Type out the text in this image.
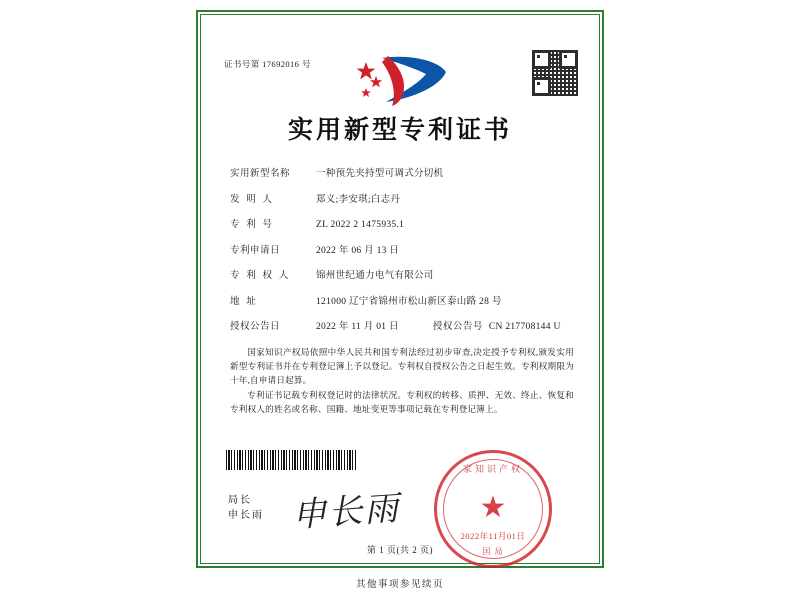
证书号第 17692016 号
实用新型专利证书
实用新型名称	一种预先夹持型可调式分切机
发 明 人	郑义;李安琪;白志丹
专 利 号	ZL 2022 2 1475935.1
专利申请日	2022 年 06 月 13 日
专 利 权 人	锦州世纪通力电气有限公司
地 址	121000 辽宁省锦州市松山新区泰山路 28 号
授权公告日	2022 年 11 月 01 日	授权公告号 CN 217708144 U

国家知识产权局依照中华人民共和国专利法经过初步审查,决定授予专利权,颁发实用新型专利证书并在专利登记簿上予以登记。专利权自授权公告之日起生效。专利权期限为十年,自申请日起算。

专利证书记载专利权登记时的法律状况。专利权的转移、质押、无效、终止、恢复和专利权人的姓名或名称、国籍、地址变更等事项记载在专利登记簿上。

局长
申长雨 申长雨
家知识产权
★
2022年11月01日
国 局
第 1 页(共 2 页)
其他事项参见续页
